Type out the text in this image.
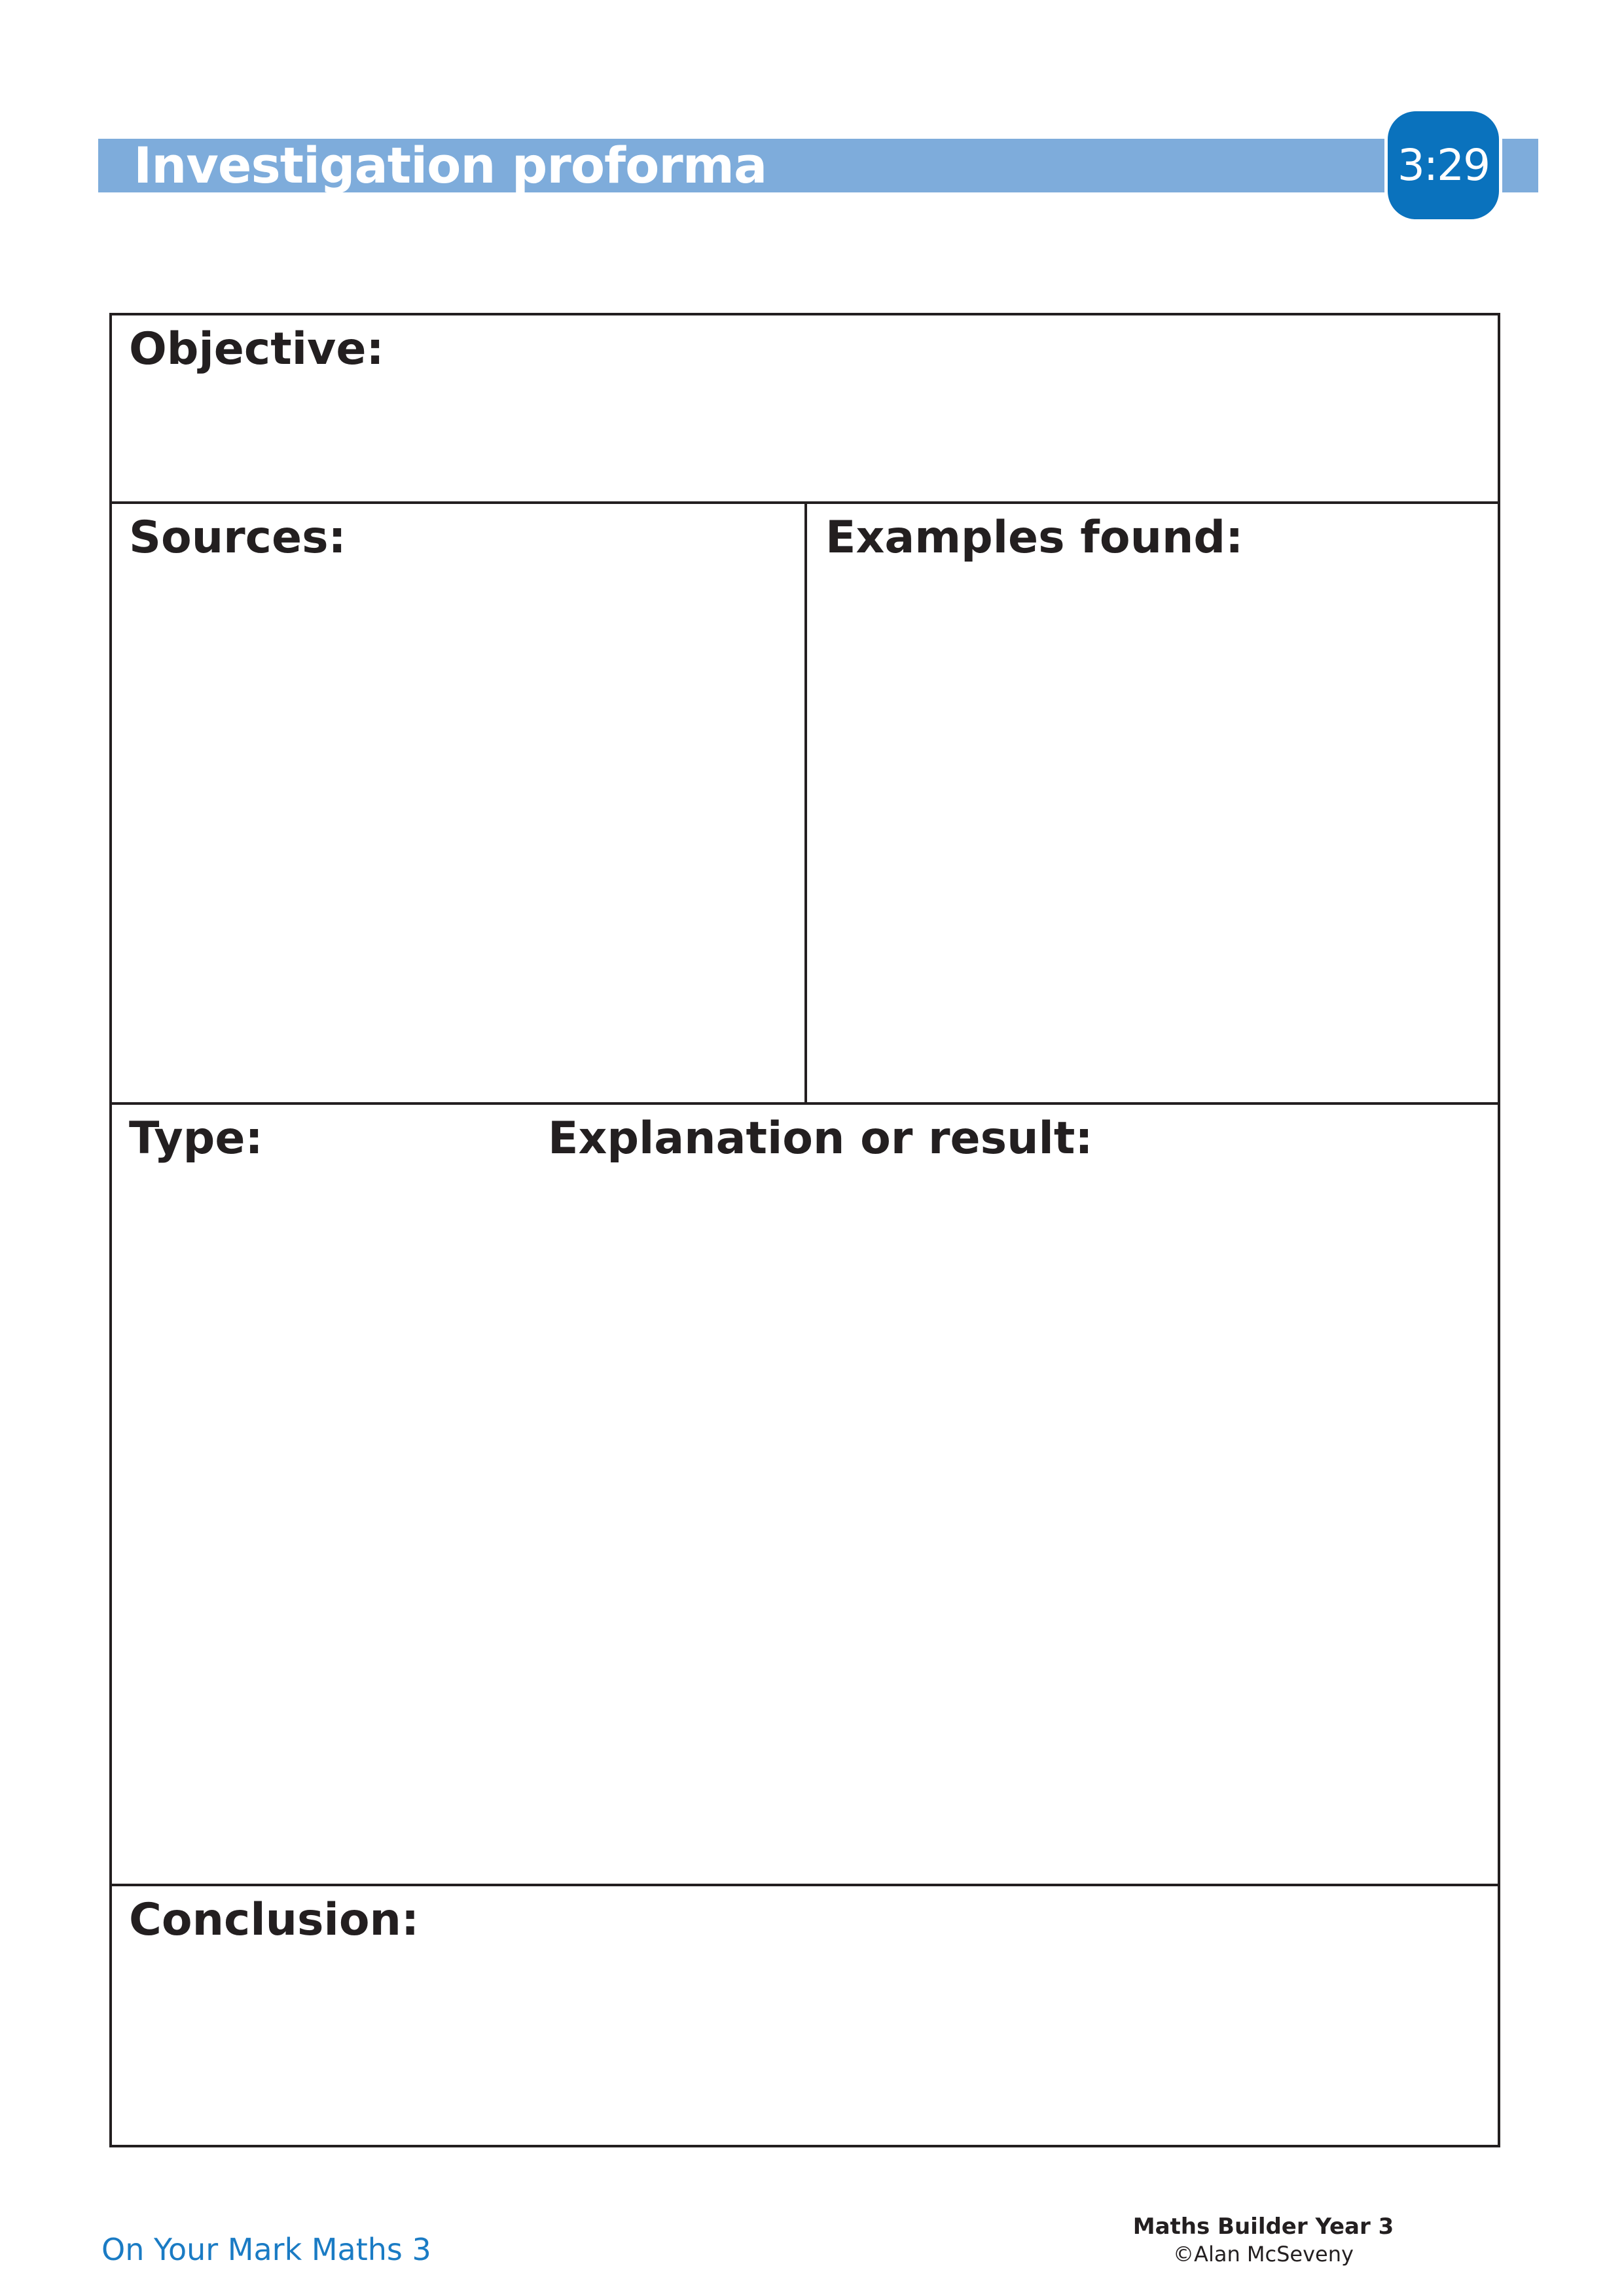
Investigation proforma	3:29
Objective:
Sources:	Examples found:
Type:	Explanation or result:
Conclusion:
On Your Mark Maths 3
Maths Builder Year 3
©Alan McSeveny
